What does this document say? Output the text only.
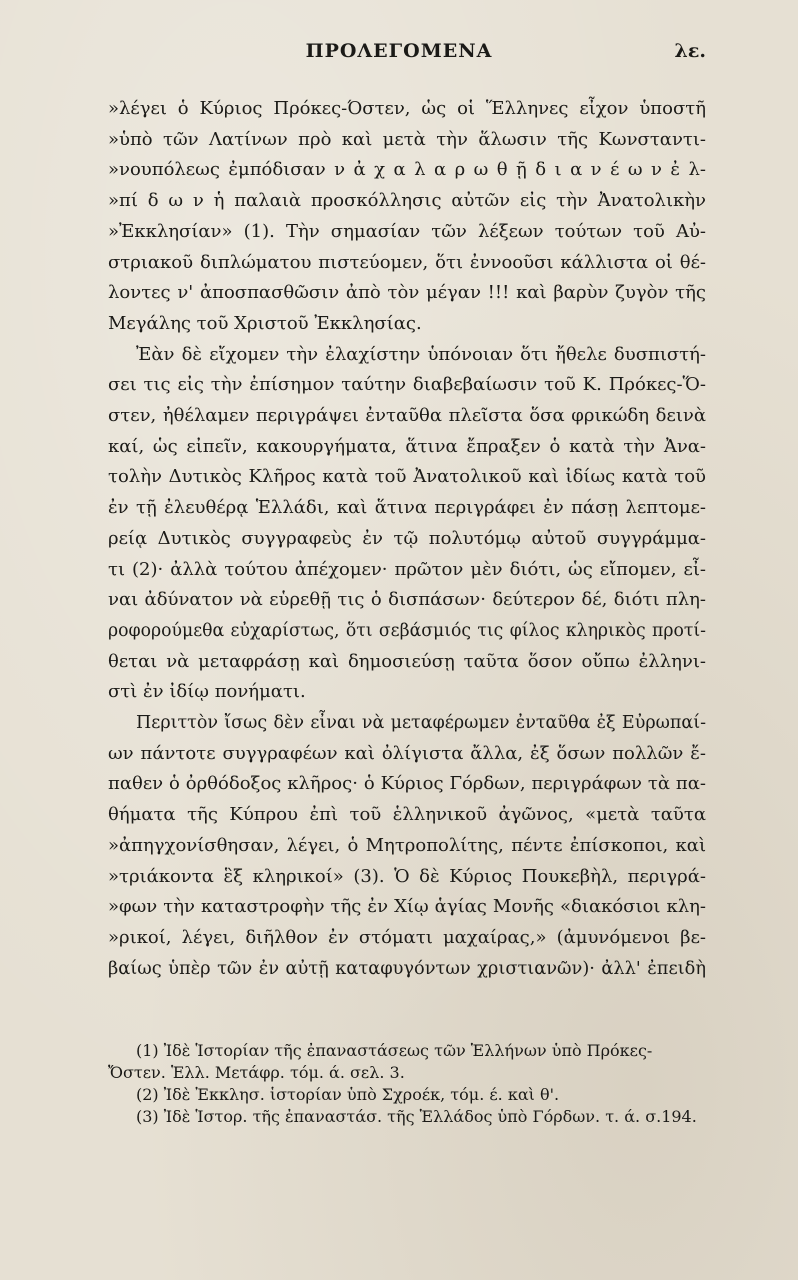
ΠΡΟΛΕΓΟΜΕΝΑ	λε.
»λέγει ὁ Κύριος Πρόκες-Όστεν, ὡς οἱ Ἕλληνες εἶχον ὑποστῆ
»ὑπὸ τῶν Λατίνων πρὸ καὶ μετὰ τὴν ἅλωσιν τῆς Κωνσταντι-
»νουπόλεως ἐμπόδισαν ν ἀ χ α λ α ρ ω θ ῇ δ ι α ν έ ω ν ἐ λ-
»πί δ ω ν ἡ παλαιὰ προσκόλλησις αὐτῶν εἰς τὴν Ἀνατολικὴν
»Ἐκκλησίαν» (1). Τὴν σημασίαν τῶν λέξεων τούτων τοῦ Αὐ-
στριακοῦ διπλώματου πιστεύομεν, ὅτι ἐννοοῦσι κάλλιστα οἱ θέ-
λοντες ν' ἀποσπασθῶσιν ἀπὸ τὸν μέγαν !!! καὶ βαρὺν ζυγὸν τῆς
Μεγάλης τοῦ Χριστοῦ Ἐκκλησίας.
Ἐὰν δὲ εἴχομεν τὴν ἐλαχίστην ὑπόνοιαν ὅτι ἤθελε δυσπιστή-
σει τις εἰς τὴν ἐπίσημον ταύτην διαβεβαίωσιν τοῦ Κ. Πρόκες-Ὅ-
στεν, ἠθέλαμεν περιγράψει ἐνταῦθα πλεῖστα ὅσα φρικώδη δεινὰ
καί, ὡς εἰπεῖν, κακουργήματα, ἅτινα ἔπραξεν ὁ κατὰ τὴν Ἀνα-
τολὴν Δυτικὸς Κλῆρος κατὰ τοῦ Ἀνατολικοῦ καὶ ἰδίως κατὰ τοῦ
ἐν τῇ ἐλευθέρᾳ Ἑλλάδι, καὶ ἅτινα περιγράφει ἐν πάσῃ λεπτομε-
ρείᾳ Δυτικὸς συγγραφεὺς ἐν τῷ πολυτόμῳ αὐτοῦ συγγράμμα-
τι (2)· ἀλλὰ τούτου ἀπέχομεν· πρῶτον μὲν διότι, ὡς εἴπομεν, εἶ-
ναι ἀδύνατον νὰ εὑρεθῇ τις ὁ δισπάσων· δεύτερον δέ, διότι πλη-
ροφορούμεθα εὐχαρίστως, ὅτι σεβάσμιός τις φίλος κληρικὸς προτί-
θεται νὰ μεταφράσῃ καὶ δημοσιεύσῃ ταῦτα ὅσον οὔπω ἐλληνι-
στὶ ἐν ἰδίῳ πονήματι.
Περιττὸν ἴσως δὲν εἶναι νὰ μεταφέρωμεν ἐνταῦθα ἐξ Εὐρωπαί-
ων πάντοτε συγγραφέων καὶ ὀλίγιστα ἄλλα, ἐξ ὅσων πολλῶν ἔ-
παθεν ὁ ὀρθόδοξος κλῆρος· ὁ Κύριος Γόρδων, περιγράφων τὰ πα-
θήματα τῆς Κύπρου ἐπὶ τοῦ ἑλληνικοῦ ἀγῶνος, «μετὰ ταῦτα
»ἀπηγχονίσθησαν, λέγει, ὁ Μητροπολίτης, πέντε ἐπίσκοποι, καὶ
»τριάκοντα ἓξ κληρικοί» (3). Ὁ δὲ Κύριος Πουκεβὴλ, περιγρά-
»φων τὴν καταστροφὴν τῆς ἐν Χίῳ ἁγίας Μονῆς «διακόσιοι κλη-
»ρικοί, λέγει, διῆλθον ἐν στόματι μαχαίρας,» (ἀμυνόμενοι βε-
βαίως ὑπὲρ τῶν ἐν αὐτῇ καταφυγόντων χριστιανῶν)· ἀλλ' ἐπειδὴ
(1) Ἰδὲ Ἱστορίαν τῆς ἐπαναστάσεως τῶν Ἑλλήνων ὑπὸ Πρόκες-
Ὄστεν. Ἑλλ. Μετάφρ. τόμ. ά. σελ. 3.
(2) Ἰδὲ Ἐκκλησ. ἱστορίαν ὑπὸ Σχροέκ, τόμ. έ. καὶ θ'.
(3) Ἰδὲ Ἱστορ. τῆς ἐπαναστάσ. τῆς Ἑλλάδος ὑπὸ Γόρδων. τ. ά. σ.194.
